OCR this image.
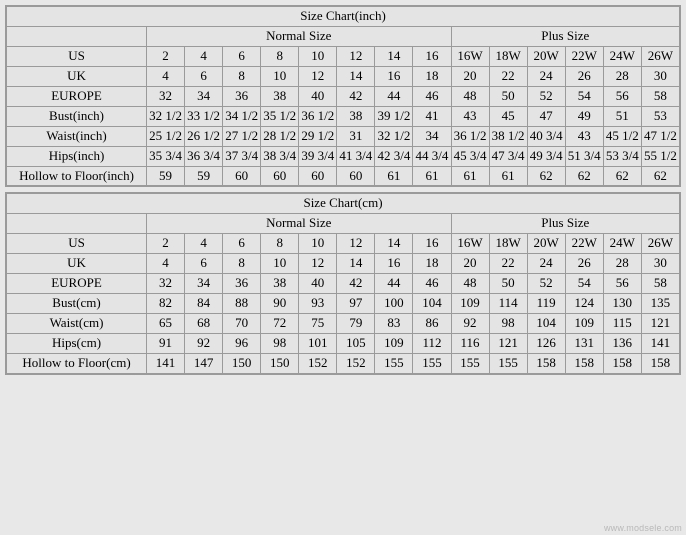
Size Chart(inch)														
	Normal Size								Plus Size					
US	2	4	6	8	10	12	14	16	16W	18W	20W	22W	24W	26W
UK	4	6	8	10	12	14	16	18	20	22	24	26	28	30
EUROPE	32	34	36	38	40	42	44	46	48	50	52	54	56	58
Bust(inch)	32 1/2	33 1/2	34 1/2	35 1/2	36 1/2	38	39 1/2	41	43	45	47	49	51	53
Waist(inch)	25 1/2	26 1/2	27 1/2	28 1/2	29 1/2	31	32 1/2	34	36 1/2	38 1/2	40 3/4	43	45 1/2	47 1/2
Hips(inch)	35 3/4	36 3/4	37 3/4	38 3/4	39 3/4	41 3/4	42 3/4	44 3/4	45 3/4	47 3/4	49 3/4	51 3/4	53 3/4	55 1/2
Hollow to Floor(inch)	59	59	60	60	60	60	61	61	61	61	62	62	62	62
Size Chart(cm)														
	Normal Size								Plus Size					
US	2	4	6	8	10	12	14	16	16W	18W	20W	22W	24W	26W
UK	4	6	8	10	12	14	16	18	20	22	24	26	28	30
EUROPE	32	34	36	38	40	42	44	46	48	50	52	54	56	58
Bust(cm)	82	84	88	90	93	97	100	104	109	114	119	124	130	135
Waist(cm)	65	68	70	72	75	79	83	86	92	98	104	109	115	121
Hips(cm)	91	92	96	98	101	105	109	112	116	121	126	131	136	141
Hollow to Floor(cm)	141	147	150	150	152	152	155	155	155	155	158	158	158	158
www.modsele.com
